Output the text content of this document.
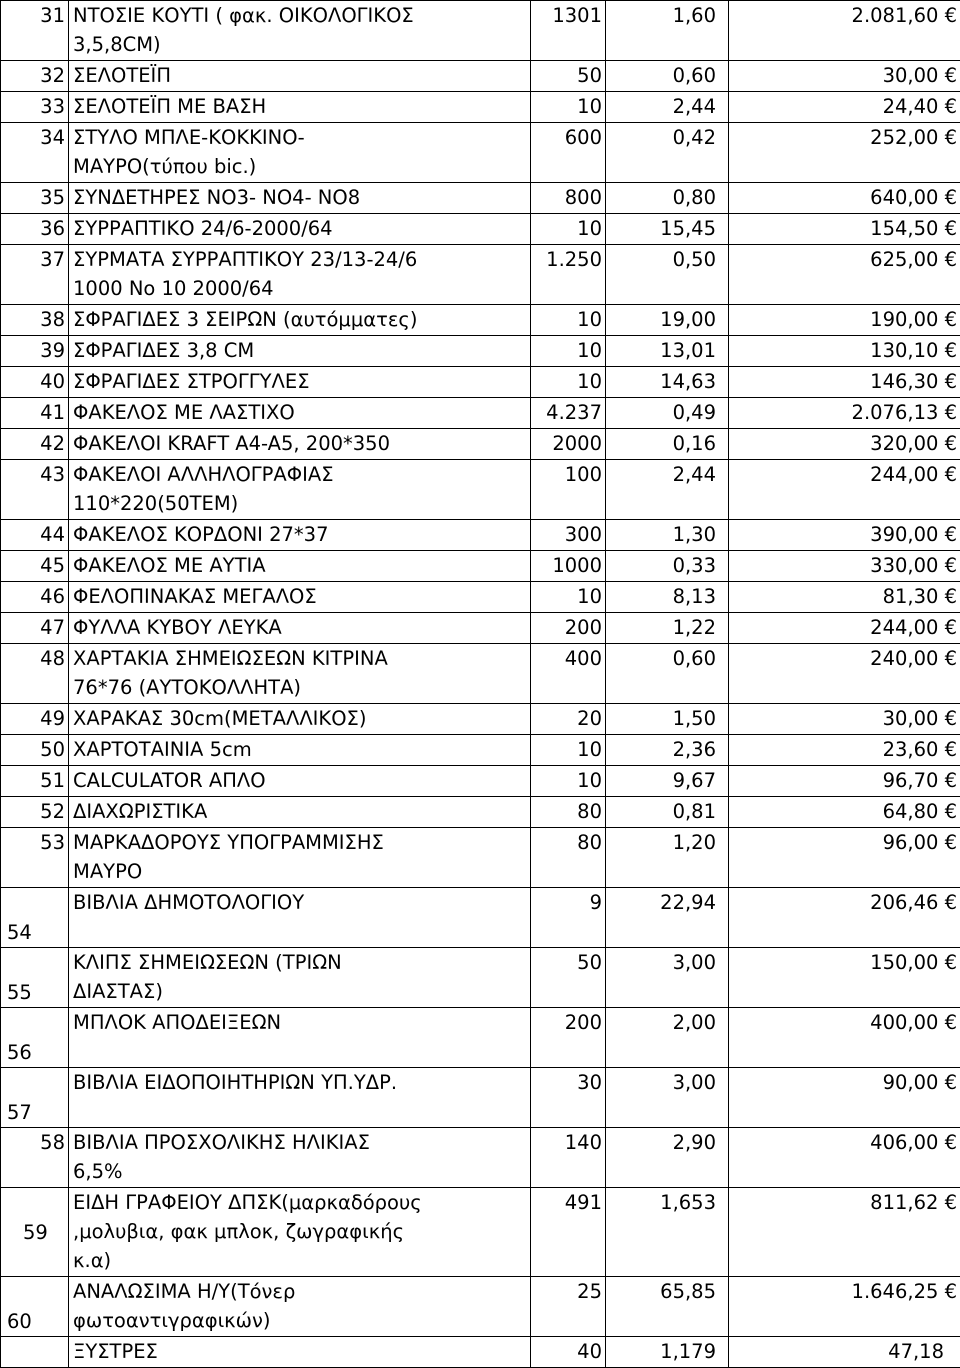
31	ΝΤΟΣΙΕ ΚΟΥΤΙ ( φακ. ΟΙΚΟΛΟΓΙΚΟΣ
3,5,8CM)	1301	1,60	2.081,60 €
32	ΣΕΛΟΤΕΪΠ	50	0,60	30,00 €
33	ΣΕΛΟΤΕΪΠ ΜΕ ΒΑΣΗ	10	2,44	24,40 €
34	ΣΤΥΛΟ ΜΠΛΕ-ΚΟΚΚΙΝΟ-
ΜΑΥΡΟ(τύπου bic.)	600	0,42	252,00 €
35	ΣΥΝΔΕΤΗΡΕΣ ΝΟ3- ΝΟ4- ΝΟ8	800	0,80	640,00 €
36	ΣΥΡΡΑΠΤΙΚΟ 24/6-2000/64	10	15,45	154,50 €
37	ΣΥΡΜΑΤΑ ΣΥΡΡΑΠΤΙΚΟΥ 23/13-24/6
1000 No 10 2000/64	1.250	0,50	625,00 €
38	ΣΦΡΑΓΙΔΕΣ 3 ΣΕΙΡΩΝ (αυτόμματες)	10	19,00	190,00 €
39	ΣΦΡΑΓΙΔΕΣ 3,8 CM	10	13,01	130,10 €
40	ΣΦΡΑΓΙΔΕΣ ΣΤΡΟΓΓΥΛΕΣ	10	14,63	146,30 €
41	ΦΑΚΕΛΟΣ ΜΕ ΛΑΣΤΙΧΟ	4.237	0,49	2.076,13 €
42	ΦΑΚΕΛΟΙ KRAFT A4-A5, 200*350	2000	0,16	320,00 €
43	ΦΑΚΕΛΟΙ ΑΛΛΗΛΟΓΡΑΦΙΑΣ
110*220(50ΤΕΜ)	100	2,44	244,00 €
44	ΦΑΚΕΛΟΣ ΚΟΡΔΟΝΙ 27*37	300	1,30	390,00 €
45	ΦΑΚΕΛΟΣ ΜΕ ΑΥΤΙΑ	1000	0,33	330,00 €
46	ΦΕΛΟΠΙΝΑΚΑΣ ΜΕΓΑΛΟΣ	10	8,13	81,30 €
47	ΦΥΛΛΑ ΚΥΒΟΥ ΛΕΥΚΑ	200	1,22	244,00 €
48	ΧΑΡΤΑΚΙΑ ΣΗΜΕΙΩΣΕΩΝ ΚΙΤΡΙΝΑ
76*76 (ΑΥΤΟΚΟΛΛΗΤΑ)	400	0,60	240,00 €
49	ΧΑΡΑΚΑΣ 30cm(ΜΕΤΑΛΛΙΚΟΣ)	20	1,50	30,00 €
50	ΧΑΡΤΟΤΑΙΝΙΑ 5cm	10	2,36	23,60 €
51	CALCULATOR ΑΠΛΟ	10	9,67	96,70 €
52	ΔΙΑΧΩΡΙΣΤΙΚΑ	80	0,81	64,80 €
53	ΜΑΡΚΑΔΟΡΟΥΣ ΥΠΟΓΡΑΜΜΙΣΗΣ
ΜΑΥΡΟ	80	1,20	96,00 €
54	ΒΙΒΛΙΑ ΔΗΜΟΤΟΛΟΓΙΟΥ	9	22,94	206,46 €
55	ΚΛΙΠΣ ΣΗΜΕΙΩΣΕΩΝ (ΤΡΙΩΝ
ΔΙΑΣΤΑΣ)	50	3,00	150,00 €
56	ΜΠΛΟΚ ΑΠΟΔΕΙΞΕΩΝ	200	2,00	400,00 €
57	ΒΙΒΛΙΑ ΕΙΔΟΠΟΙΗΤΗΡΙΩΝ ΥΠ.ΥΔΡ.	30	3,00	90,00 €
58	ΒΙΒΛΙΑ ΠΡΟΣΧΟΛΙΚΗΣ ΗΛΙΚΙΑΣ
6,5%	140	2,90	406,00 €
59	ΕΙΔΗ ΓΡΑΦΕΙΟΥ ΔΠΣΚ(μαρκαδόρους
,μολυβια, φακ μπλοκ, ζωγραφικής
κ.α)	491	1,653	811,62 €
60	ΑΝΑΛΩΣΙΜΑ Η/Υ(Τόνερ
φωτοαντιγραφικών)	25	65,85	1.646,25 €

	ΞΥΣΤΡΕΣ	40	1,179	47,18
